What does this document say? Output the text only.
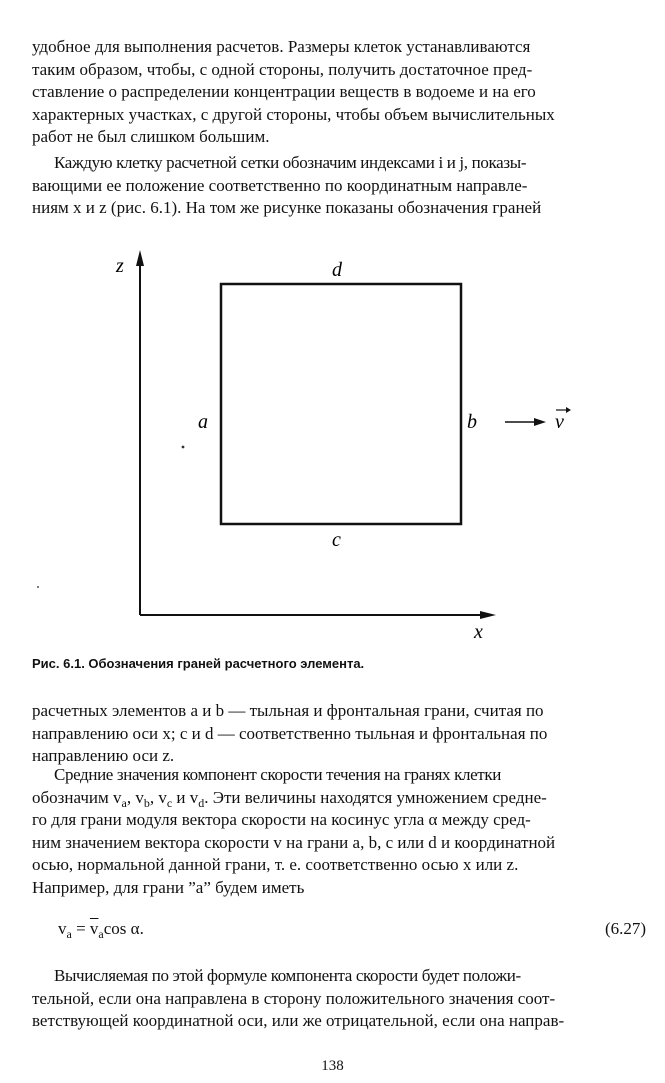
удобное для выполнения расчетов. Размеры клеток устанавливаются
таким образом, чтобы, с одной стороны, получить достаточное пред-
ставление о распределении концентрации веществ в водоеме и на его
характерных участках, с другой стороны, чтобы объем вычислительных
работ не был слишком большим.
Каждую клетку расчетной сетки обозначим индексами i и j, показы-
вающими ее положение соответственно по координатным направле-
ниям x и z (рис. 6.1). На том же рисунке показаны обозначения граней
z
x
d
a	b
c
v
Рис. 6.1. Обозначения граней расчетного элемента.
расчетных элементов a и b — тыльная и фронтальная грани, считая по
направлению оси x; c и d — соответственно тыльная и фронтальная по
направлению оси z.
Средние значения компонент скорости течения на гранях клетки
обозначим $v_a$, $v_b$, $v_c$ и $v_d$. Эти величины находятся умножением средне-
го для грани модуля вектора скорости на косинус угла α между сред-
ним значением вектора скорости v на грани a, b, c или d и координатной
осью, нормальной данной грани, т. е. соответственно осью x или z.
Например, для грани ”a” будем иметь
$v_a = \overline{v}_a\cos$ α.	(6.27)
Вычисляемая по этой формуле компонента скорости будет положи-
тельной, если она направлена в сторону положительного значения соот-
ветствующей координатной оси, или же отрицательной, если она направ-
138
